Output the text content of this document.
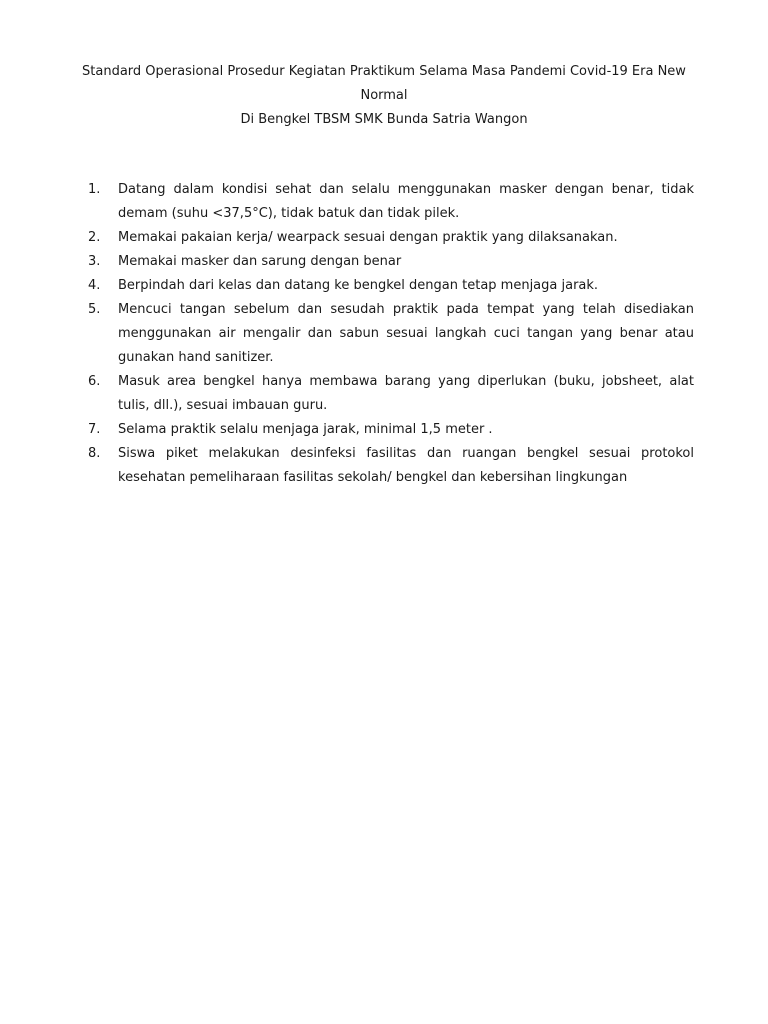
Standard Operasional Prosedur Kegiatan Praktikum Selama Masa Pandemi Covid-19 Era New
Normal
Di Bengkel TBSM SMK Bunda Satria Wangon
1.	Datang dalam kondisi sehat dan selalu menggunakan masker dengan benar, tidak demam (suhu <37,5°C), tidak batuk dan tidak pilek.
2.	Memakai pakaian kerja/ wearpack sesuai dengan praktik yang dilaksanakan.
3.	Memakai masker dan sarung dengan benar
4.	Berpindah dari kelas dan datang ke bengkel dengan tetap menjaga jarak.
5.	Mencuci tangan sebelum dan sesudah praktik pada tempat yang telah disediakan menggunakan air mengalir dan sabun sesuai langkah cuci tangan yang benar atau gunakan hand sanitizer.
6.	Masuk area bengkel hanya membawa barang yang diperlukan (buku, jobsheet, alat tulis, dll.), sesuai imbauan guru.
7.	Selama praktik selalu menjaga jarak, minimal 1,5 meter .
8.	Siswa piket melakukan desinfeksi fasilitas dan ruangan bengkel sesuai protokol kesehatan pemeliharaan fasilitas sekolah/ bengkel dan kebersihan lingkungan
